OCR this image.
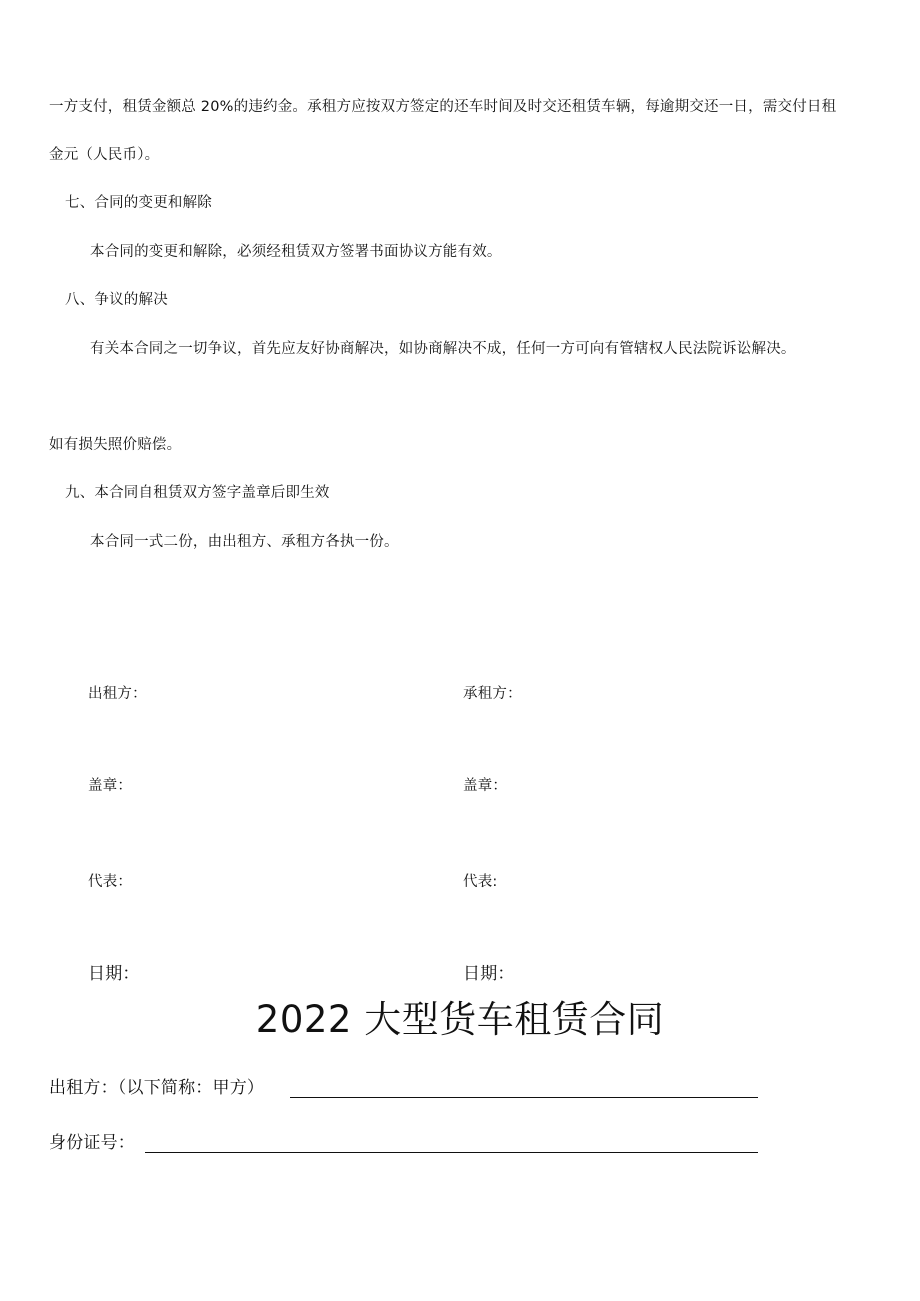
一方支付，租赁金额总 20%的违约金。承租方应按双方签定的还车时间及时交还租赁车辆，每逾期交还一日，需交付日租
金元（人民币）。
七、合同的变更和解除
本合同的变更和解除，必须经租赁双方签署书面协议方能有效。
八、争议的解决
有关本合同之一切争议，首先应友好协商解决，如协商解决不成，任何一方可向有管辖权人民法院诉讼解决。
如有损失照价赔偿。
九、本合同自租赁双方签字盖章后即生效
本合同一式二份，由出租方、承租方各执一份。
出租方：	承租方：
盖章：	盖章：
代表：	代表:
日期：	日期：
2022 大型货车租赁合同
出租方：（以下简称：甲方）
身份证号：
